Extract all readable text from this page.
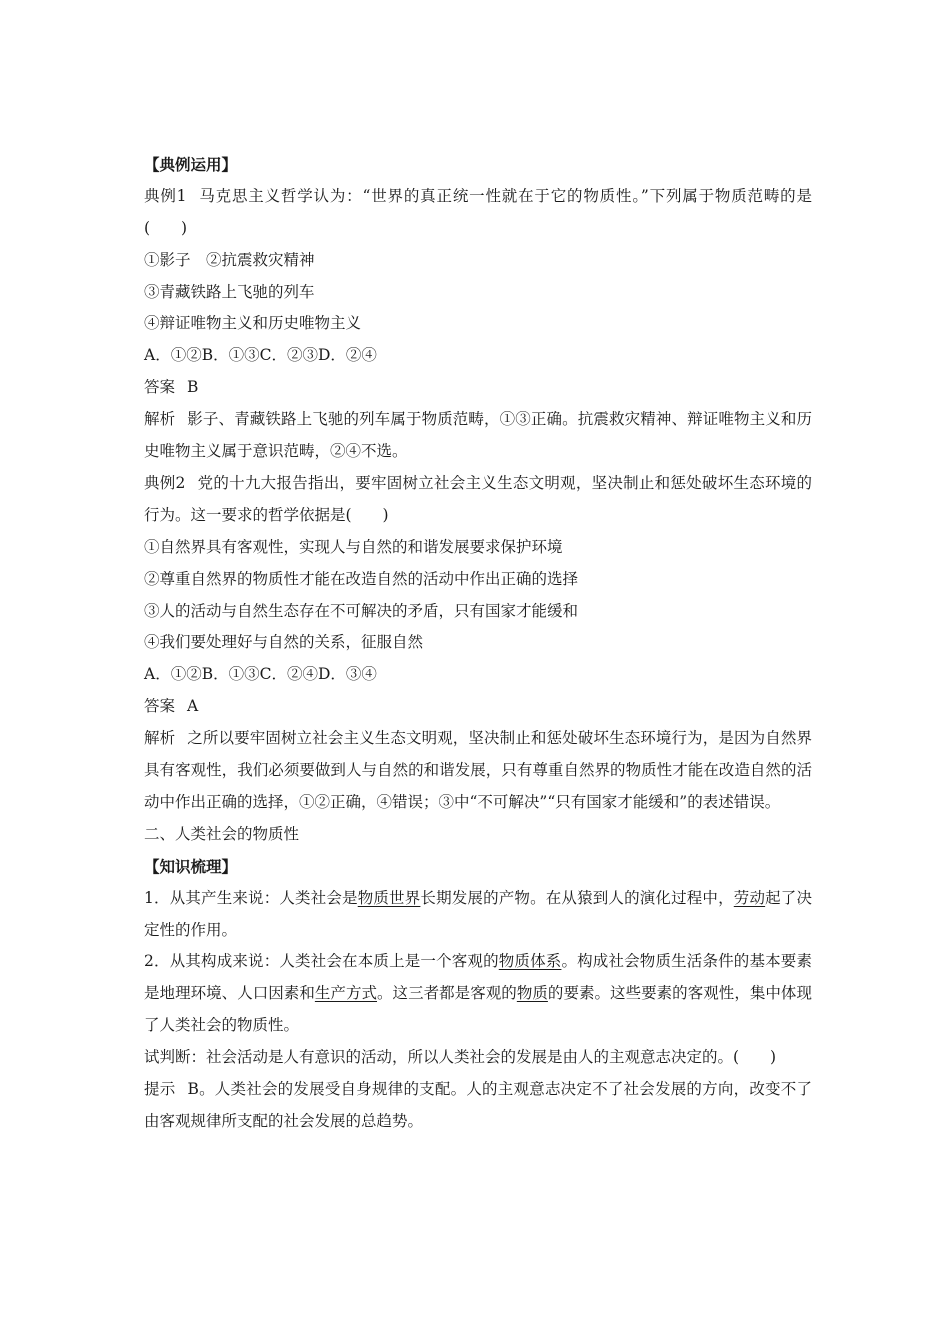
【典例运用】
典例1 马克思主义哲学认为：“世界的真正统一性就在于它的物质性。”下列属于物质范畴的是(　　)
①影子　②抗震救灾精神
③青藏铁路上飞驰的列车
④辩证唯物主义和历史唯物主义
A．①②B．①③C．②③D．②④
答案 B
解析 影子、青藏铁路上飞驰的列车属于物质范畴，①③正确。抗震救灾精神、辩证唯物主义和历史唯物主义属于意识范畴，②④不选。
典例2 党的十九大报告指出，要牢固树立社会主义生态文明观，坚决制止和惩处破坏生态环境的行为。这一要求的哲学依据是(　　)
①自然界具有客观性，实现人与自然的和谐发展要求保护环境
②尊重自然界的物质性才能在改造自然的活动中作出正确的选择
③人的活动与自然生态存在不可解决的矛盾，只有国家才能缓和
④我们要处理好与自然的关系，征服自然
A．①②B．①③C．②④D．③④
答案 A
解析 之所以要牢固树立社会主义生态文明观，坚决制止和惩处破坏生态环境行为，是因为自然界具有客观性，我们必须要做到人与自然的和谐发展，只有尊重自然界的物质性才能在改造自然的活动中作出正确的选择，①②正确，④错误；③中“不可解决”“只有国家才能缓和”的表述错误。
二、人类社会的物质性
【知识梳理】
1．从其产生来说：人类社会是物质世界长期发展的产物。在从猿到人的演化过程中，劳动起了决定性的作用。
2．从其构成来说：人类社会在本质上是一个客观的物质体系。构成社会物质生活条件的基本要素是地理环境、人口因素和生产方式。这三者都是客观的物质的要素。这些要素的客观性，集中体现了人类社会的物质性。
试判断：社会活动是人有意识的活动，所以人类社会的发展是由人的主观意志决定的。(　　)
提示 B。人类社会的发展受自身规律的支配。人的主观意志决定不了社会发展的方向，改变不了由客观规律所支配的社会发展的总趋势。
